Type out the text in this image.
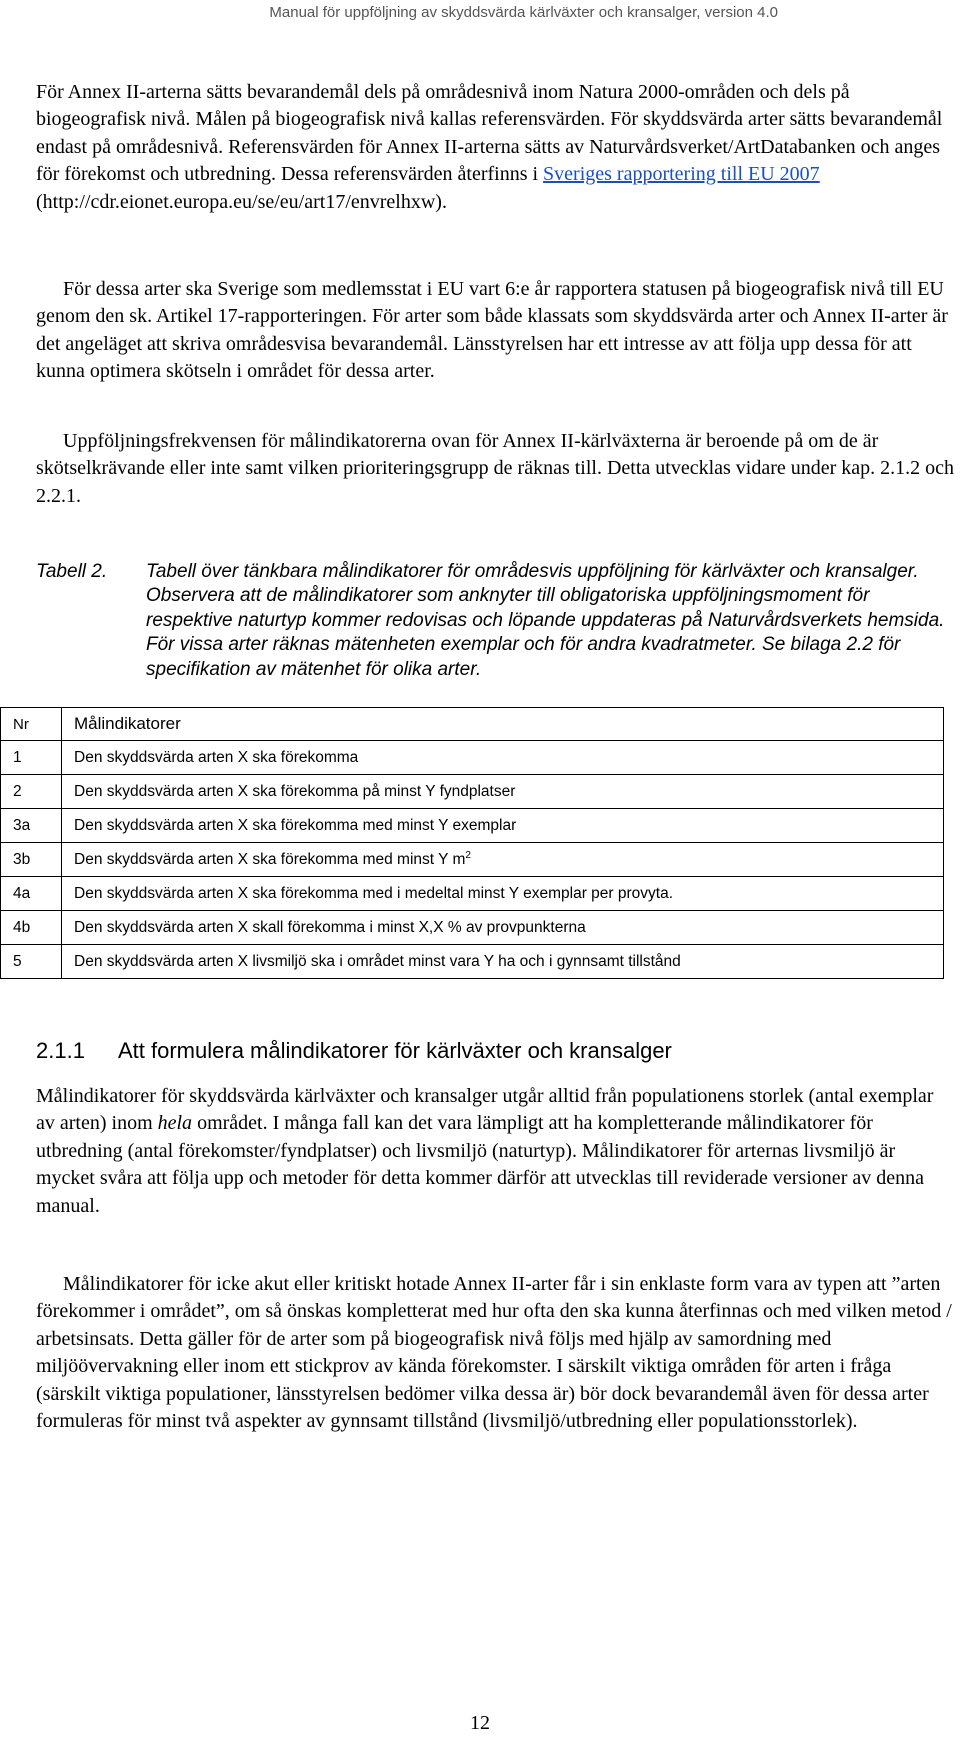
Manual för uppföljning av skyddsvärda kärlväxter och kransalger, version 4.0

För Annex II-arterna sätts bevarandemål dels på områdesnivå inom Natura 2000-områden och dels på biogeografisk nivå. Målen på biogeografisk nivå kallas referensvärden. För skyddsvärda arter sätts bevarandemål endast på områdesnivå. Referensvärden för Annex II-arterna sätts av Naturvårdsverket/ArtDatabanken och anges för förekomst och utbredning. Dessa referensvärden återfinns i Sveriges rapportering till EU 2007 (http://cdr.eionet.europa.eu/se/eu/art17/envrelhxw).

För dessa arter ska Sverige som medlemsstat i EU vart 6:e år rapportera statusen på biogeografisk nivå till EU genom den sk. Artikel 17-rapporteringen. För arter som både klassats som skyddsvärda arter och Annex II-arter är det angeläget att skriva områdesvisa bevarandemål. Länsstyrelsen har ett intresse av att följa upp dessa för att kunna optimera skötseln i området för dessa arter.

Uppföljningsfrekvensen för målindikatorerna ovan för Annex II-kärlväxterna är beroende på om de är skötselkrävande eller inte samt vilken prioriteringsgrupp de räknas till. Detta utvecklas vidare under kap. 2.1.2 och 2.2.1.

Tabell 2.	Tabell över tänkbara målindikatorer för områdesvis uppföljning för kärlväxter och kransalger. Observera att de målindikatorer som anknyter till obligatoriska uppföljningsmoment för respektive naturtyp kommer redovisas och löpande uppdateras på Naturvårdsverkets hemsida. För vissa arter räknas mätenheten exemplar och för andra kvadratmeter. Se bilaga 2.2 för specifikation av mätenhet för olika arter.
Nr	Målindikatorer
1	Den skyddsvärda arten X ska förekomma
2	Den skyddsvärda arten X ska förekomma på minst Y fyndplatser
3a	Den skyddsvärda arten X ska förekomma med minst Y exemplar
3b	Den skyddsvärda arten X ska förekomma med minst Y $m^2$
4a	Den skyddsvärda arten X ska förekomma med i medeltal minst Y exemplar per provyta.
4b	Den skyddsvärda arten X skall förekomma i minst X,X % av provpunkterna
5	Den skyddsvärda arten X livsmiljö ska i området minst vara Y ha och i gynnsamt tillstånd
2.1.1 Att formulera målindikatorer för kärlväxter och kransalger

Målindikatorer för skyddsvärda kärlväxter och kransalger utgår alltid från populationens storlek (antal exemplar av arten) inom hela området. I många fall kan det vara lämpligt att ha kompletterande målindikatorer för utbredning (antal förekomster/fyndplatser) och livsmiljö (naturtyp). Målindikatorer för arternas livsmiljö är mycket svåra att följa upp och metoder för detta kommer därför att utvecklas till reviderade versioner av denna manual.

Målindikatorer för icke akut eller kritiskt hotade Annex II-arter får i sin enklaste form vara av typen att ”arten förekommer i området”, om så önskas kompletterat med hur ofta den ska kunna återfinnas och med vilken metod / arbetsinsats. Detta gäller för de arter som på biogeografisk nivå följs med hjälp av samordning med miljöövervakning eller inom ett stickprov av kända förekomster. I särskilt viktiga områden för arten i fråga (särskilt viktiga populationer, länsstyrelsen bedömer vilka dessa är) bör dock bevarandemål även för dessa arter formuleras för minst två aspekter av gynnsamt tillstånd (livsmiljö/utbredning eller populationsstorlek).

12
